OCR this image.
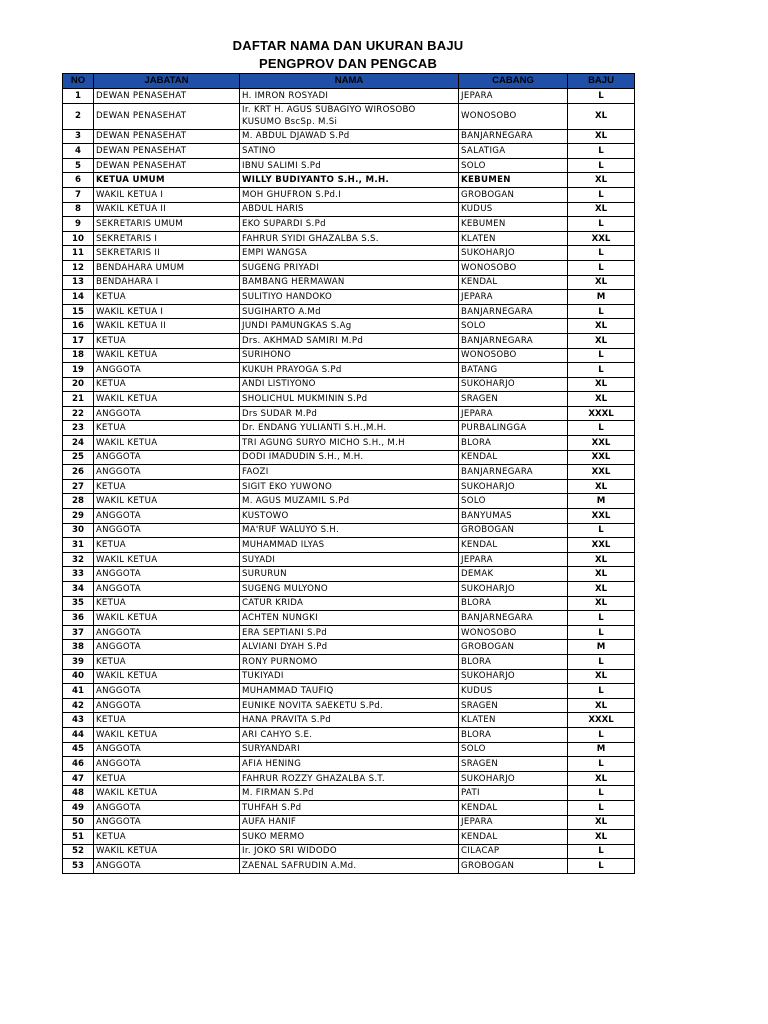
DAFTAR NAMA DAN UKURAN BAJU
PENGPROV DAN PENGCAB
NO	JABATAN	NAMA	CABANG	BAJU
1	DEWAN PENASEHAT	H. IMRON ROSYADI	JEPARA	L
2	DEWAN PENASEHAT	Ir. KRT H. AGUS SUBAGIYO WIROSOBO KUSUMO BscSp. M.Si	WONOSOBO	XL
3	DEWAN PENASEHAT	M. ABDUL DJAWAD S.Pd	BANJARNEGARA	XL
4	DEWAN PENASEHAT	SATINO	SALATIGA	L
5	DEWAN PENASEHAT	IBNU SALIMI S.Pd	SOLO	L
6	KETUA UMUM	WILLY BUDIYANTO S.H., M.H.	KEBUMEN	XL
7	WAKIL KETUA I	MOH GHUFRON S.Pd.I	GROBOGAN	L
8	WAKIL KETUA II	ABDUL HARIS	KUDUS	XL
9	SEKRETARIS UMUM	EKO SUPARDI S.Pd	KEBUMEN	L
10	SEKRETARIS I	FAHRUR SYIDI GHAZALBA S.S.	KLATEN	XXL
11	SEKRETARIS II	EMPI WANGSA	SUKOHARJO	L
12	BENDAHARA UMUM	SUGENG PRIYADI	WONOSOBO	L
13	BENDAHARA I	BAMBANG HERMAWAN	KENDAL	XL
14	KETUA	SULITIYO HANDOKO	JEPARA	M
15	WAKIL KETUA I	SUGIHARTO A.Md	BANJARNEGARA	L
16	WAKIL KETUA II	JUNDI PAMUNGKAS S.Ag	SOLO	XL
17	KETUA	Drs. AKHMAD SAMIRI M.Pd	BANJARNEGARA	XL
18	WAKIL KETUA	SURIHONO	WONOSOBO	L
19	ANGGOTA	KUKUH PRAYOGA S.Pd	BATANG	L
20	KETUA	ANDI LISTIYONO	SUKOHARJO	XL
21	WAKIL KETUA	SHOLICHUL MUKMININ S.Pd	SRAGEN	XL
22	ANGGOTA	Drs SUDAR M.Pd	JEPARA	XXXL
23	KETUA	Dr. ENDANG YULIANTI S.H.,M.H.	PURBALINGGA	L
24	WAKIL KETUA	TRI AGUNG SURYO MICHO S.H., M.H	BLORA	XXL
25	ANGGOTA	DODI IMADUDIN S.H., M.H.	KENDAL	XXL
26	ANGGOTA	FAOZI	BANJARNEGARA	XXL
27	KETUA	SIGIT EKO YUWONO	SUKOHARJO	XL
28	WAKIL KETUA	M. AGUS MUZAMIL S.Pd	SOLO	M
29	ANGGOTA	KUSTOWO	BANYUMAS	XXL
30	ANGGOTA	MA'RUF WALUYO S.H.	GROBOGAN	L
31	KETUA	MUHAMMAD ILYAS	KENDAL	XXL
32	WAKIL KETUA	SUYADI	JEPARA	XL
33	ANGGOTA	SURURUN	DEMAK	XL
34	ANGGOTA	SUGENG MULYONO	SUKOHARJO	XL
35	KETUA	CATUR KRIDA	BLORA	XL
36	WAKIL KETUA	ACHTEN NUNGKI	BANJARNEGARA	L
37	ANGGOTA	ERA SEPTIANI S.Pd	WONOSOBO	L
38	ANGGOTA	ALVIANI DYAH S.Pd	GROBOGAN	M
39	KETUA	RONY PURNOMO	BLORA	L
40	WAKIL KETUA	TUKIYADI	SUKOHARJO	XL
41	ANGGOTA	MUHAMMAD TAUFIQ	KUDUS	L
42	ANGGOTA	EUNIKE NOVITA SAEKETU S.Pd.	SRAGEN	XL
43	KETUA	HANA PRAVITA S.Pd	KLATEN	XXXL
44	WAKIL KETUA	ARI CAHYO S.E.	BLORA	L
45	ANGGOTA	SURYANDARI	SOLO	M
46	ANGGOTA	AFIA HENING	SRAGEN	L
47	KETUA	FAHRUR ROZZY GHAZALBA S.T.	SUKOHARJO	XL
48	WAKIL KETUA	M. FIRMAN S.Pd	PATI	L
49	ANGGOTA	TUHFAH S.Pd	KENDAL	L
50	ANGGOTA	AUFA HANIF	JEPARA	XL
51	KETUA	SUKO MERMO	KENDAL	XL
52	WAKIL KETUA	Ir. JOKO SRI WIDODO	CILACAP	L
53	ANGGOTA	ZAENAL SAFRUDIN A.Md.	GROBOGAN	L
